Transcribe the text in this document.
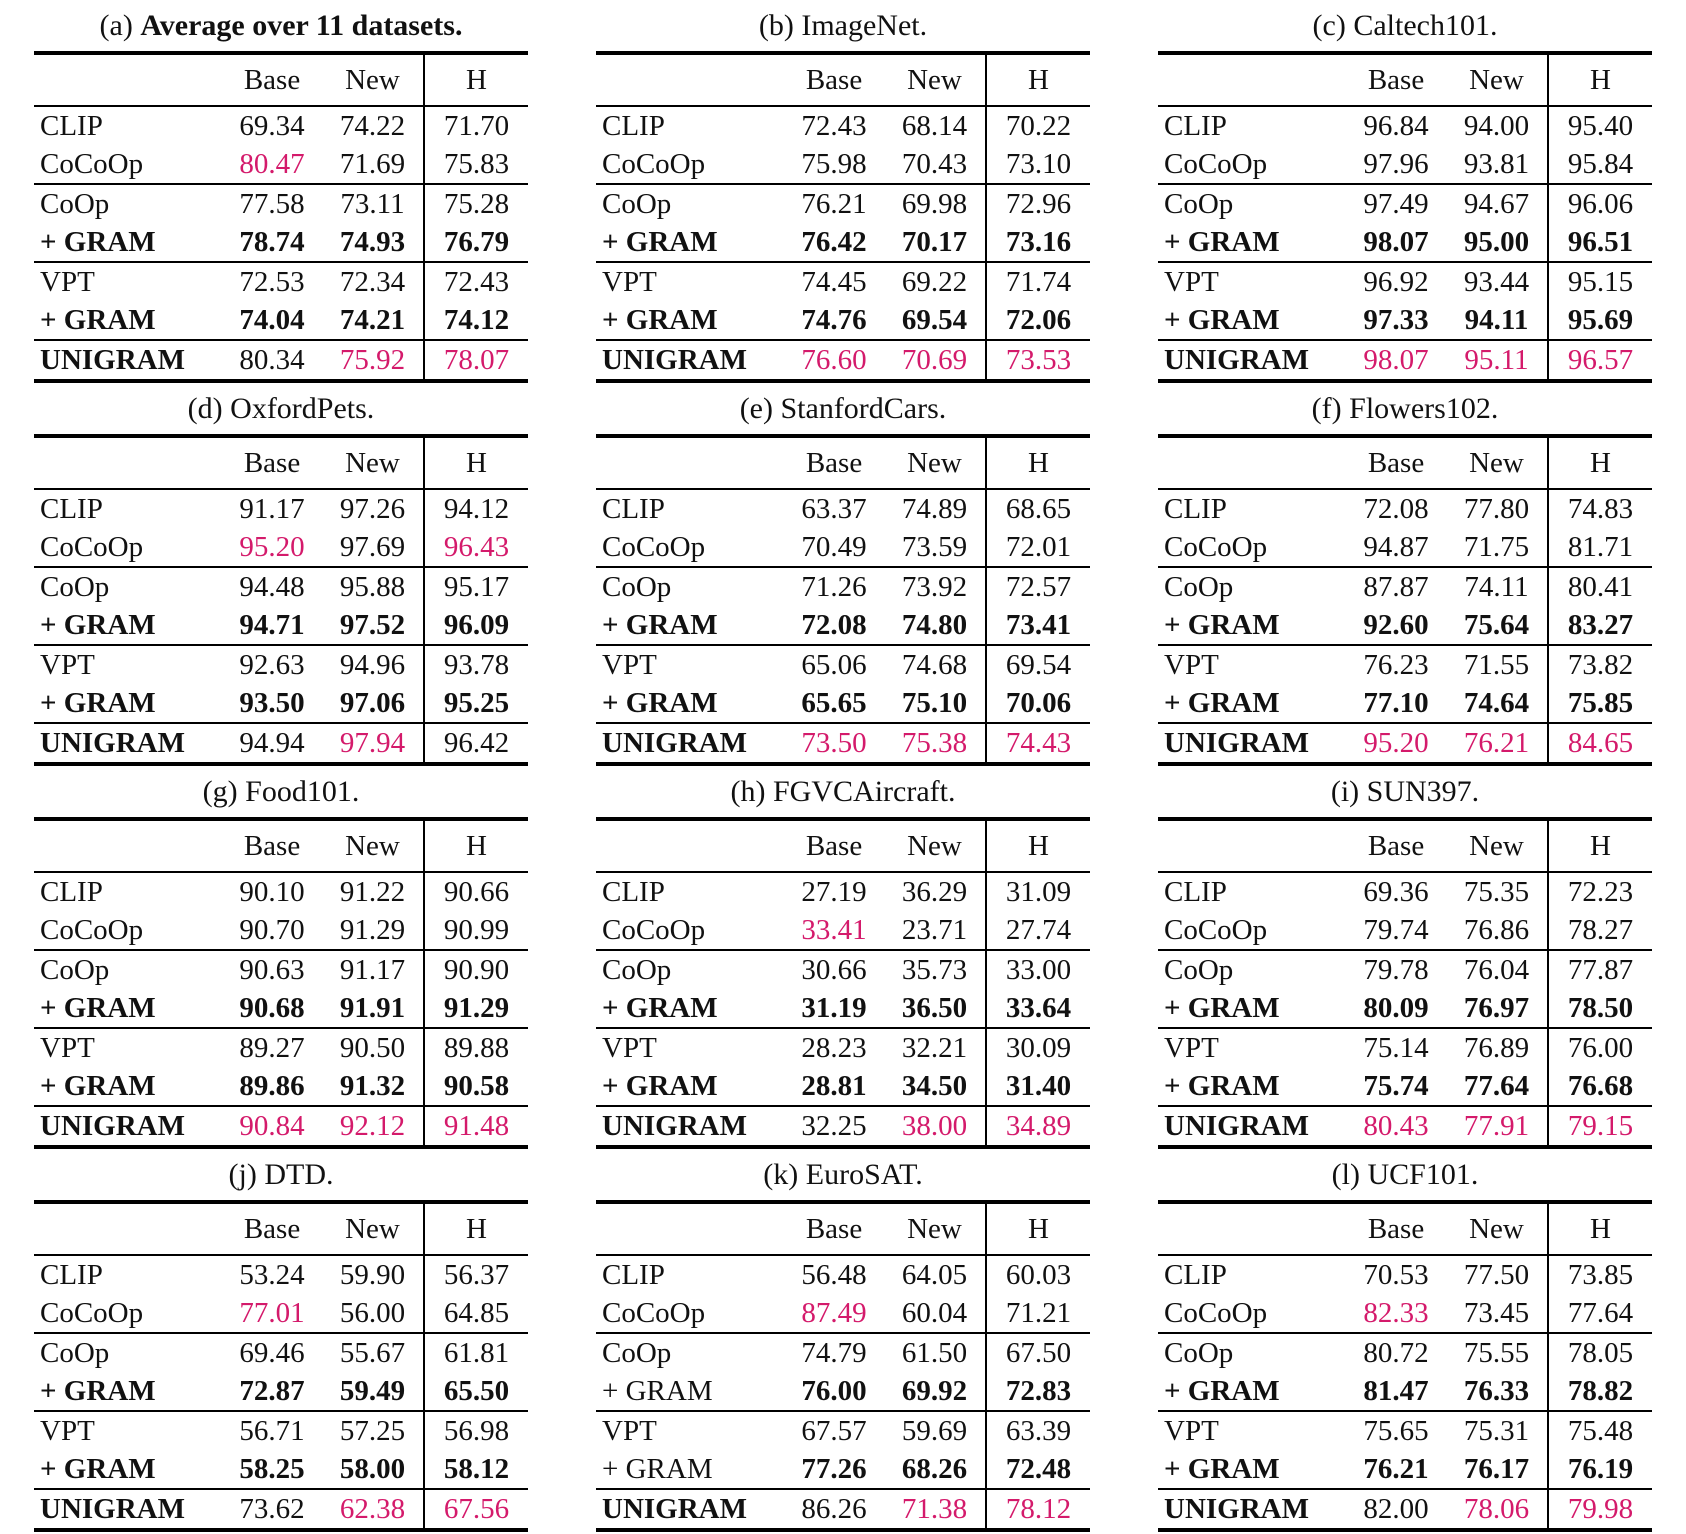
(a) Average over 11 datasets.
	Base	New	H
CLIP	69.34	74.22	71.70
CoCoOp	80.47	71.69	75.83
CoOp	77.58	73.11	75.28
+ GRAM	78.74	74.93	76.79
VPT	72.53	72.34	72.43
+ GRAM	74.04	74.21	74.12
UNIGRAM	80.34	75.92	78.07
(b) ImageNet.
	Base	New	H
CLIP	72.43	68.14	70.22
CoCoOp	75.98	70.43	73.10
CoOp	76.21	69.98	72.96
+ GRAM	76.42	70.17	73.16
VPT	74.45	69.22	71.74
+ GRAM	74.76	69.54	72.06
UNIGRAM	76.60	70.69	73.53
(c) Caltech101.
	Base	New	H
CLIP	96.84	94.00	95.40
CoCoOp	97.96	93.81	95.84
CoOp	97.49	94.67	96.06
+ GRAM	98.07	95.00	96.51
VPT	96.92	93.44	95.15
+ GRAM	97.33	94.11	95.69
UNIGRAM	98.07	95.11	96.57
(d) OxfordPets.
	Base	New	H
CLIP	91.17	97.26	94.12
CoCoOp	95.20	97.69	96.43
CoOp	94.48	95.88	95.17
+ GRAM	94.71	97.52	96.09
VPT	92.63	94.96	93.78
+ GRAM	93.50	97.06	95.25
UNIGRAM	94.94	97.94	96.42
(e) StanfordCars.
	Base	New	H
CLIP	63.37	74.89	68.65
CoCoOp	70.49	73.59	72.01
CoOp	71.26	73.92	72.57
+ GRAM	72.08	74.80	73.41
VPT	65.06	74.68	69.54
+ GRAM	65.65	75.10	70.06
UNIGRAM	73.50	75.38	74.43
(f) Flowers102.
	Base	New	H
CLIP	72.08	77.80	74.83
CoCoOp	94.87	71.75	81.71
CoOp	87.87	74.11	80.41
+ GRAM	92.60	75.64	83.27
VPT	76.23	71.55	73.82
+ GRAM	77.10	74.64	75.85
UNIGRAM	95.20	76.21	84.65
(g) Food101.
	Base	New	H
CLIP	90.10	91.22	90.66
CoCoOp	90.70	91.29	90.99
CoOp	90.63	91.17	90.90
+ GRAM	90.68	91.91	91.29
VPT	89.27	90.50	89.88
+ GRAM	89.86	91.32	90.58
UNIGRAM	90.84	92.12	91.48
(h) FGVCAircraft.
	Base	New	H
CLIP	27.19	36.29	31.09
CoCoOp	33.41	23.71	27.74
CoOp	30.66	35.73	33.00
+ GRAM	31.19	36.50	33.64
VPT	28.23	32.21	30.09
+ GRAM	28.81	34.50	31.40
UNIGRAM	32.25	38.00	34.89
(i) SUN397.
	Base	New	H
CLIP	69.36	75.35	72.23
CoCoOp	79.74	76.86	78.27
CoOp	79.78	76.04	77.87
+ GRAM	80.09	76.97	78.50
VPT	75.14	76.89	76.00
+ GRAM	75.74	77.64	76.68
UNIGRAM	80.43	77.91	79.15
(j) DTD.
	Base	New	H
CLIP	53.24	59.90	56.37
CoCoOp	77.01	56.00	64.85
CoOp	69.46	55.67	61.81
+ GRAM	72.87	59.49	65.50
VPT	56.71	57.25	56.98
+ GRAM	58.25	58.00	58.12
UNIGRAM	73.62	62.38	67.56
(k) EuroSAT.
	Base	New	H
CLIP	56.48	64.05	60.03
CoCoOp	87.49	60.04	71.21
CoOp	74.79	61.50	67.50
+ GRAM	76.00	69.92	72.83
VPT	67.57	59.69	63.39
+ GRAM	77.26	68.26	72.48
UNIGRAM	86.26	71.38	78.12
(l) UCF101.
	Base	New	H
CLIP	70.53	77.50	73.85
CoCoOp	82.33	73.45	77.64
CoOp	80.72	75.55	78.05
+ GRAM	81.47	76.33	78.82
VPT	75.65	75.31	75.48
+ GRAM	76.21	76.17	76.19
UNIGRAM	82.00	78.06	79.98
